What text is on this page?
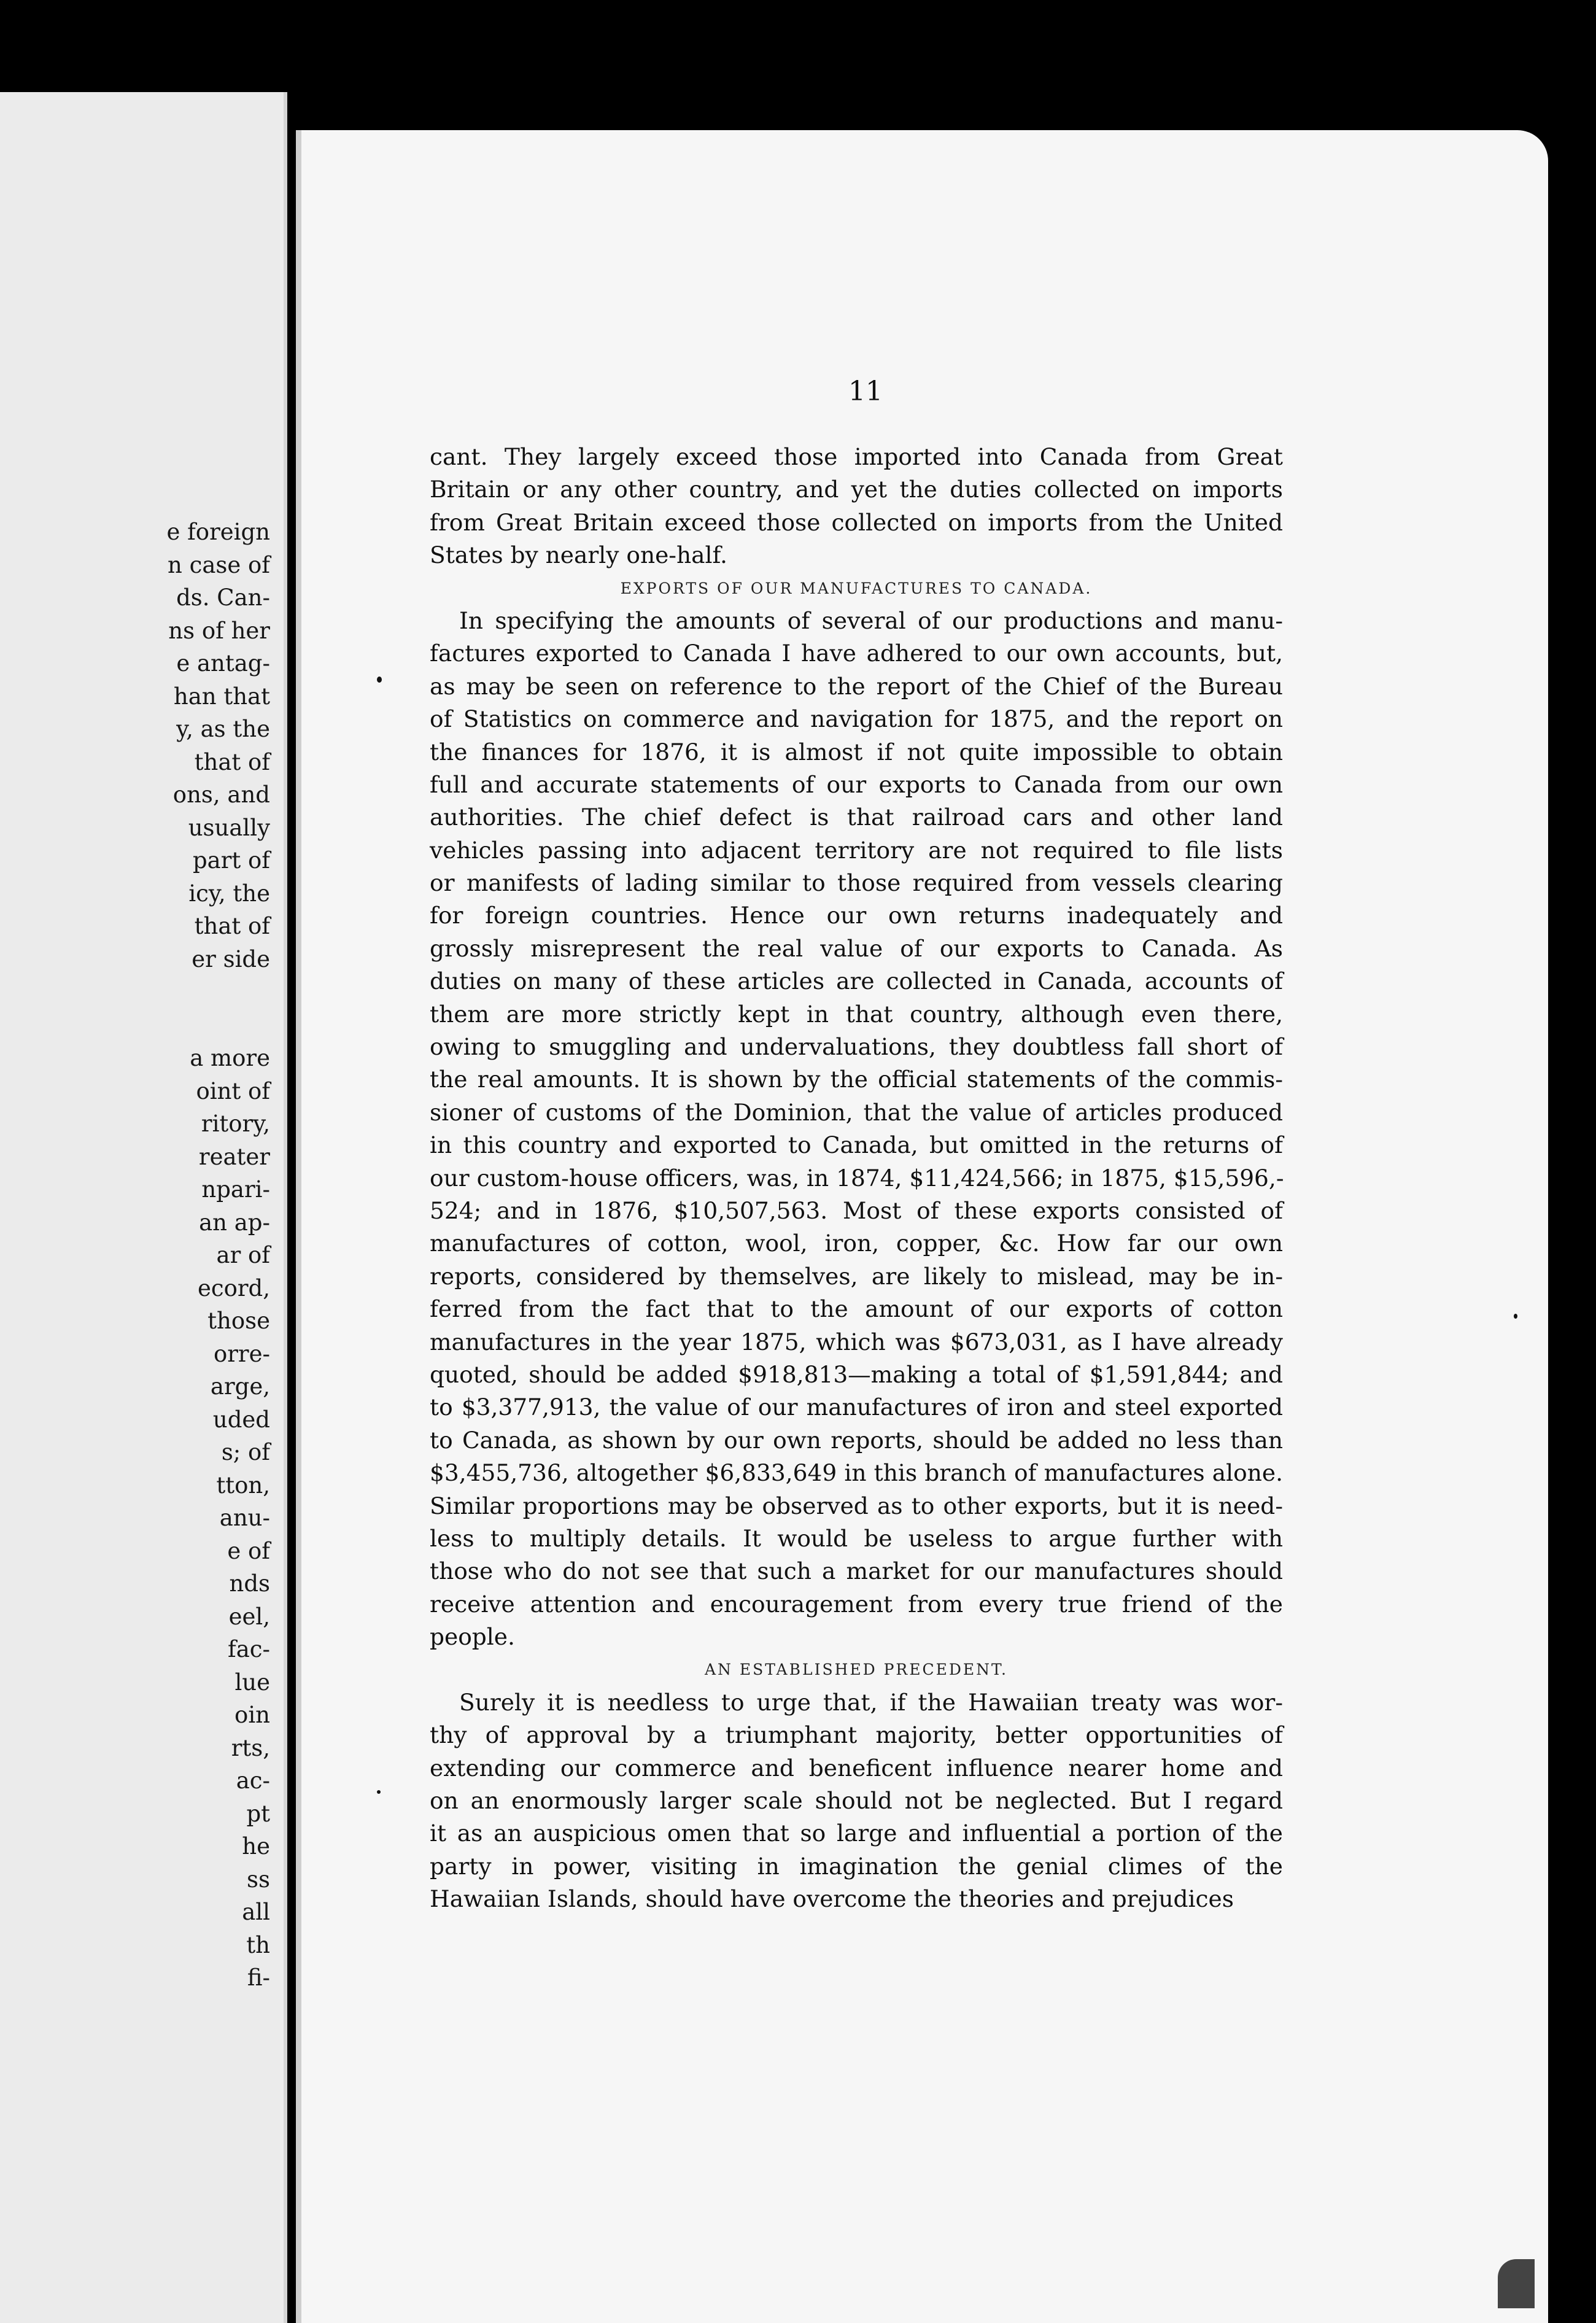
e foreign
n case of
ds. Can-
ns of her
e antag-
han that
y, as the
that of
ons, and
usually
part of
icy, the
that of
er side
a more
oint of
ritory,
reater
npari-
an ap-
ar of
ecord,
those
orre-
arge,
uded
s; of
tton,
anu-
e of
nds
eel,
fac-
lue
oin
rts,
ac-
pt
he
ss
all
th
fi-
11
cant. They largely exceed those imported into Canada from Great
Britain or any other country, and yet the duties collected on imports
from Great Britain exceed those collected on imports from the United
States by nearly one-half.
EXPORTS OF OUR MANUFACTURES TO CANADA.
In specifying the amounts of several of our productions and manu-
factures exported to Canada I have adhered to our own accounts, but,
as may be seen on reference to the report of the Chief of the Bureau
of Statistics on commerce and navigation for 1875, and the report on
the finances for 1876, it is almost if not quite impossible to obtain
full and accurate statements of our exports to Canada from our own
authorities. The chief defect is that railroad cars and other land
vehicles passing into adjacent territory are not required to file lists
or manifests of lading similar to those required from vessels clearing
for foreign countries. Hence our own returns inadequately and
grossly misrepresent the real value of our exports to Canada. As
duties on many of these articles are collected in Canada, accounts of
them are more strictly kept in that country, although even there,
owing to smuggling and undervaluations, they doubtless fall short of
the real amounts. It is shown by the official statements of the commis-
sioner of customs of the Dominion, that the value of articles produced
in this country and exported to Canada, but omitted in the returns of
our custom-house officers, was, in 1874, $11,424,566; in 1875, $15,596,-
524; and in 1876, $10,507,563. Most of these exports consisted of
manufactures of cotton, wool, iron, copper, &c. How far our own
reports, considered by themselves, are likely to mislead, may be in-
ferred from the fact that to the amount of our exports of cotton
manufactures in the year 1875, which was $673,031, as I have already
quoted, should be added $918,813—making a total of $1,591,844; and
to $3,377,913, the value of our manufactures of iron and steel exported
to Canada, as shown by our own reports, should be added no less than
$3,455,736, altogether $6,833,649 in this branch of manufactures alone.
Similar proportions may be observed as to other exports, but it is need-
less to multiply details. It would be useless to argue further with
those who do not see that such a market for our manufactures should
receive attention and encouragement from every true friend of the
people.
AN ESTABLISHED PRECEDENT.
Surely it is needless to urge that, if the Hawaiian treaty was wor-
thy of approval by a triumphant majority, better opportunities of
extending our commerce and beneficent influence nearer home and
on an enormously larger scale should not be neglected. But I regard
it as an auspicious omen that so large and influential a portion of the
party in power, visiting in imagination the genial climes of the
Hawaiian Islands, should have overcome the theories and prejudices
